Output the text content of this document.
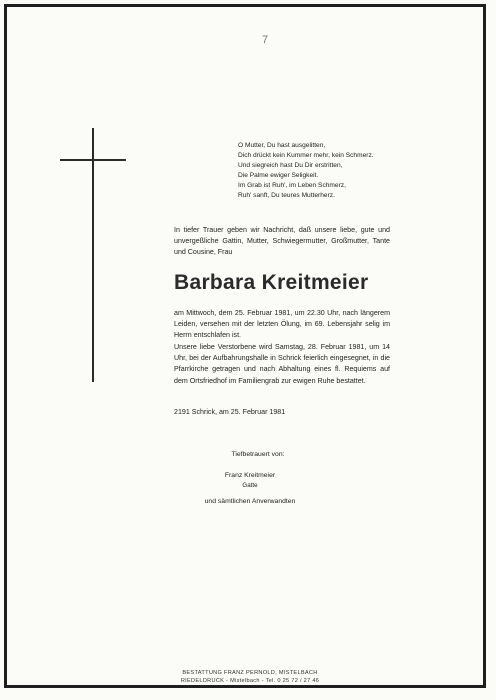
7
O Mutter, Du hast ausgelitten,
Dich drückt kein Kummer mehr, kein Schmerz.
Und siegreich hast Du Dir erstritten,
Die Palme ewiger Seligkeit.
Im Grab ist Ruh', im Leben Schmerz,
Ruh' sanft, Du teures Mutterherz.
In tiefer Trauer geben wir Nachricht, daß unsere liebe, gute und unvergeßliche Gattin, Mutter, Schwiegermutter, Großmutter, Tante und Cousine, Frau
Barbara Kreitmeier
am Mittwoch, dem 25. Februar 1981, um 22.30 Uhr, nach längerem Leiden, versehen mit der letzten Ölung, im 69. Lebensjahr selig im Herrn entschlafen ist.
Unsere liebe Verstorbene wird Samstag, 28. Februar 1981, um 14 Uhr, bei der Aufbahrungshalle in Schrick feierlich eingesegnet, in die Pfarrkirche getragen und nach Abhaltung eines fl. Requiems auf dem Ortsfriedhof im Familiengrab zur ewigen Ruhe bestattet.
2191 Schrick, am 25. Februar 1981
Tiefbetrauert von:
Franz Kreitmeier
Gatte
und sämtlichen Anverwandten
BESTATTUNG FRANZ PERNOLD, MISTELBACH
RIEDELDRUCK - Mistelbach - Tel. 0 25 72 / 27 46
